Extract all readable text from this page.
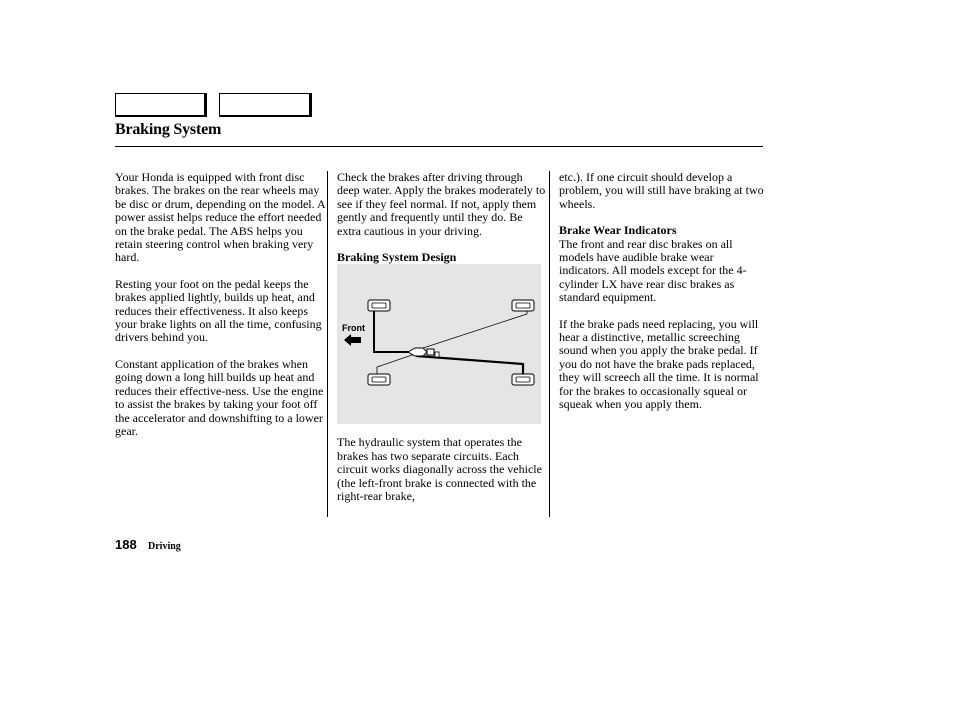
Braking System

Your Honda is equipped with front disc brakes. The brakes on the rear wheels may be disc or drum, depending on the model. A power assist helps reduce the effort needed on the brake pedal. The ABS helps you retain steering control when braking very hard.

Resting your foot on the pedal keeps the brakes applied lightly, builds up heat, and reduces their effectiveness. It also keeps your brake lights on all the time, confusing drivers behind you.

Constant application of the brakes when going down a long hill builds up heat and reduces their effective-ness. Use the engine to assist the brakes by taking your foot off the accelerator and downshifting to a lower gear.

Check the brakes after driving through deep water. Apply the brakes moderately to see if they feel normal. If not, apply them gently and frequently until they do. Be extra cautious in your driving.

Braking System Design
Front

The hydraulic system that operates the brakes has two separate circuits. Each circuit works diagonally across the vehicle (the left-front brake is connected with the right-rear brake,

etc.). If one circuit should develop a problem, you will still have braking at two wheels.

Brake Wear Indicators

The front and rear disc brakes on all models have audible brake wear indicators. All models except for the 4-cylinder LX have rear disc brakes as standard equipment.

If the brake pads need replacing, you will hear a distinctive, metallic screeching sound when you apply the brake pedal. If you do not have the brake pads replaced, they will screech all the time. It is normal for the brakes to occasionally squeal or squeak when you apply them.

188 Driving
